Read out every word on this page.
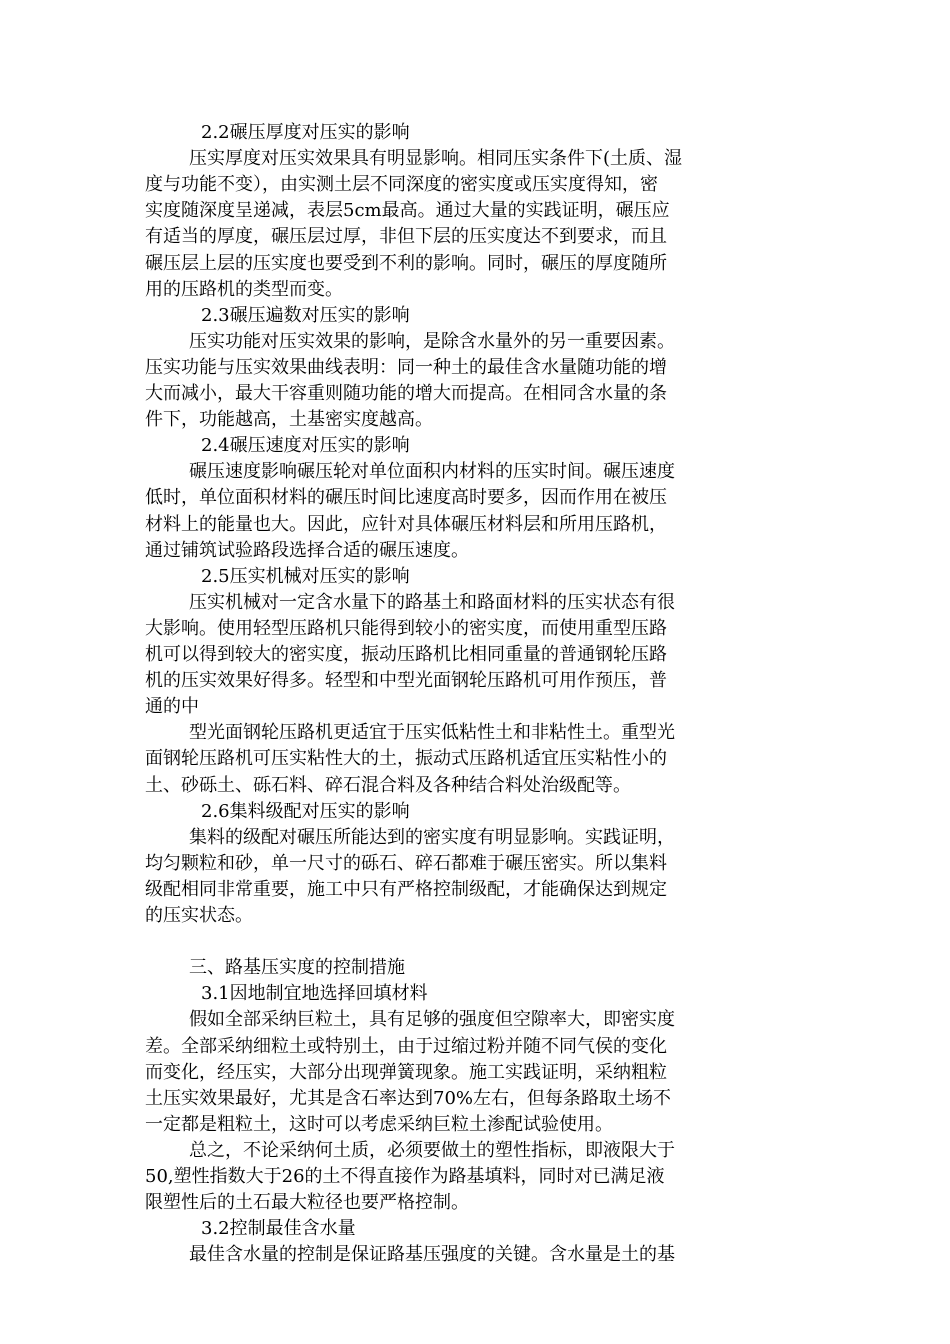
2.2碾压厚度对压实的影响
压实厚度对压实效果具有明显影响。相同压实条件下(土质、湿
度与功能不变），由实测土层不同深度的密实度或压实度得知，密
实度随深度呈递减，表层5cm最高。通过大量的实践证明，碾压应
有适当的厚度，碾压层过厚，非但下层的压实度达不到要求，而且
碾压层上层的压实度也要受到不利的影响。同时，碾压的厚度随所
用的压路机的类型而变。
2.3碾压遍数对压实的影响
压实功能对压实效果的影响，是除含水量外的另一重要因素。
压实功能与压实效果曲线表明：同一种土的最佳含水量随功能的增
大而减小，最大干容重则随功能的增大而提高。在相同含水量的条
件下，功能越高，土基密实度越高。
2.4碾压速度对压实的影响
碾压速度影响碾压轮对单位面积内材料的压实时间。碾压速度
低时，单位面积材料的碾压时间比速度高时要多，因而作用在被压
材料上的能量也大。因此，应针对具体碾压材料层和所用压路机，
通过铺筑试验路段选择合适的碾压速度。
2.5压实机械对压实的影响
压实机械对一定含水量下的路基土和路面材料的压实状态有很
大影响。使用轻型压路机只能得到较小的密实度，而使用重型压路
机可以得到较大的密实度，振动压路机比相同重量的普通钢轮压路
机的压实效果好得多。轻型和中型光面钢轮压路机可用作预压，普
通的中
型光面钢轮压路机更适宜于压实低粘性土和非粘性土。重型光
面钢轮压路机可压实粘性大的土，振动式压路机适宜压实粘性小的
土、砂砾土、砾石料、碎石混合料及各种结合料处治级配等。
2.6集料级配对压实的影响
集料的级配对碾压所能达到的密实度有明显影响。实践证明，
均匀颗粒和砂，单一尺寸的砾石、碎石都难于碾压密实。所以集料
级配相同非常重要，施工中只有严格控制级配，才能确保达到规定
的压实状态。
三、路基压实度的控制措施
3.1因地制宜地选择回填材料
假如全部采纳巨粒土，具有足够的强度但空隙率大，即密实度
差。全部采纳细粒土或特别土，由于过缩过粉并随不同气侯的变化
而变化，经压实，大部分出现弹簧现象。施工实践证明，采纳粗粒
土压实效果最好，尤其是含石率达到70%左右，但每条路取土场不
一定都是粗粒土，这时可以考虑采纳巨粒土渗配试验使用。
总之，不论采纳何土质，必须要做土的塑性指标，即液限大于
50,塑性指数大于26的土不得直接作为路基填料，同时对已满足液
限塑性后的土石最大粒径也要严格控制。
3.2控制最佳含水量
最佳含水量的控制是保证路基压强度的关键。含水量是土的基
